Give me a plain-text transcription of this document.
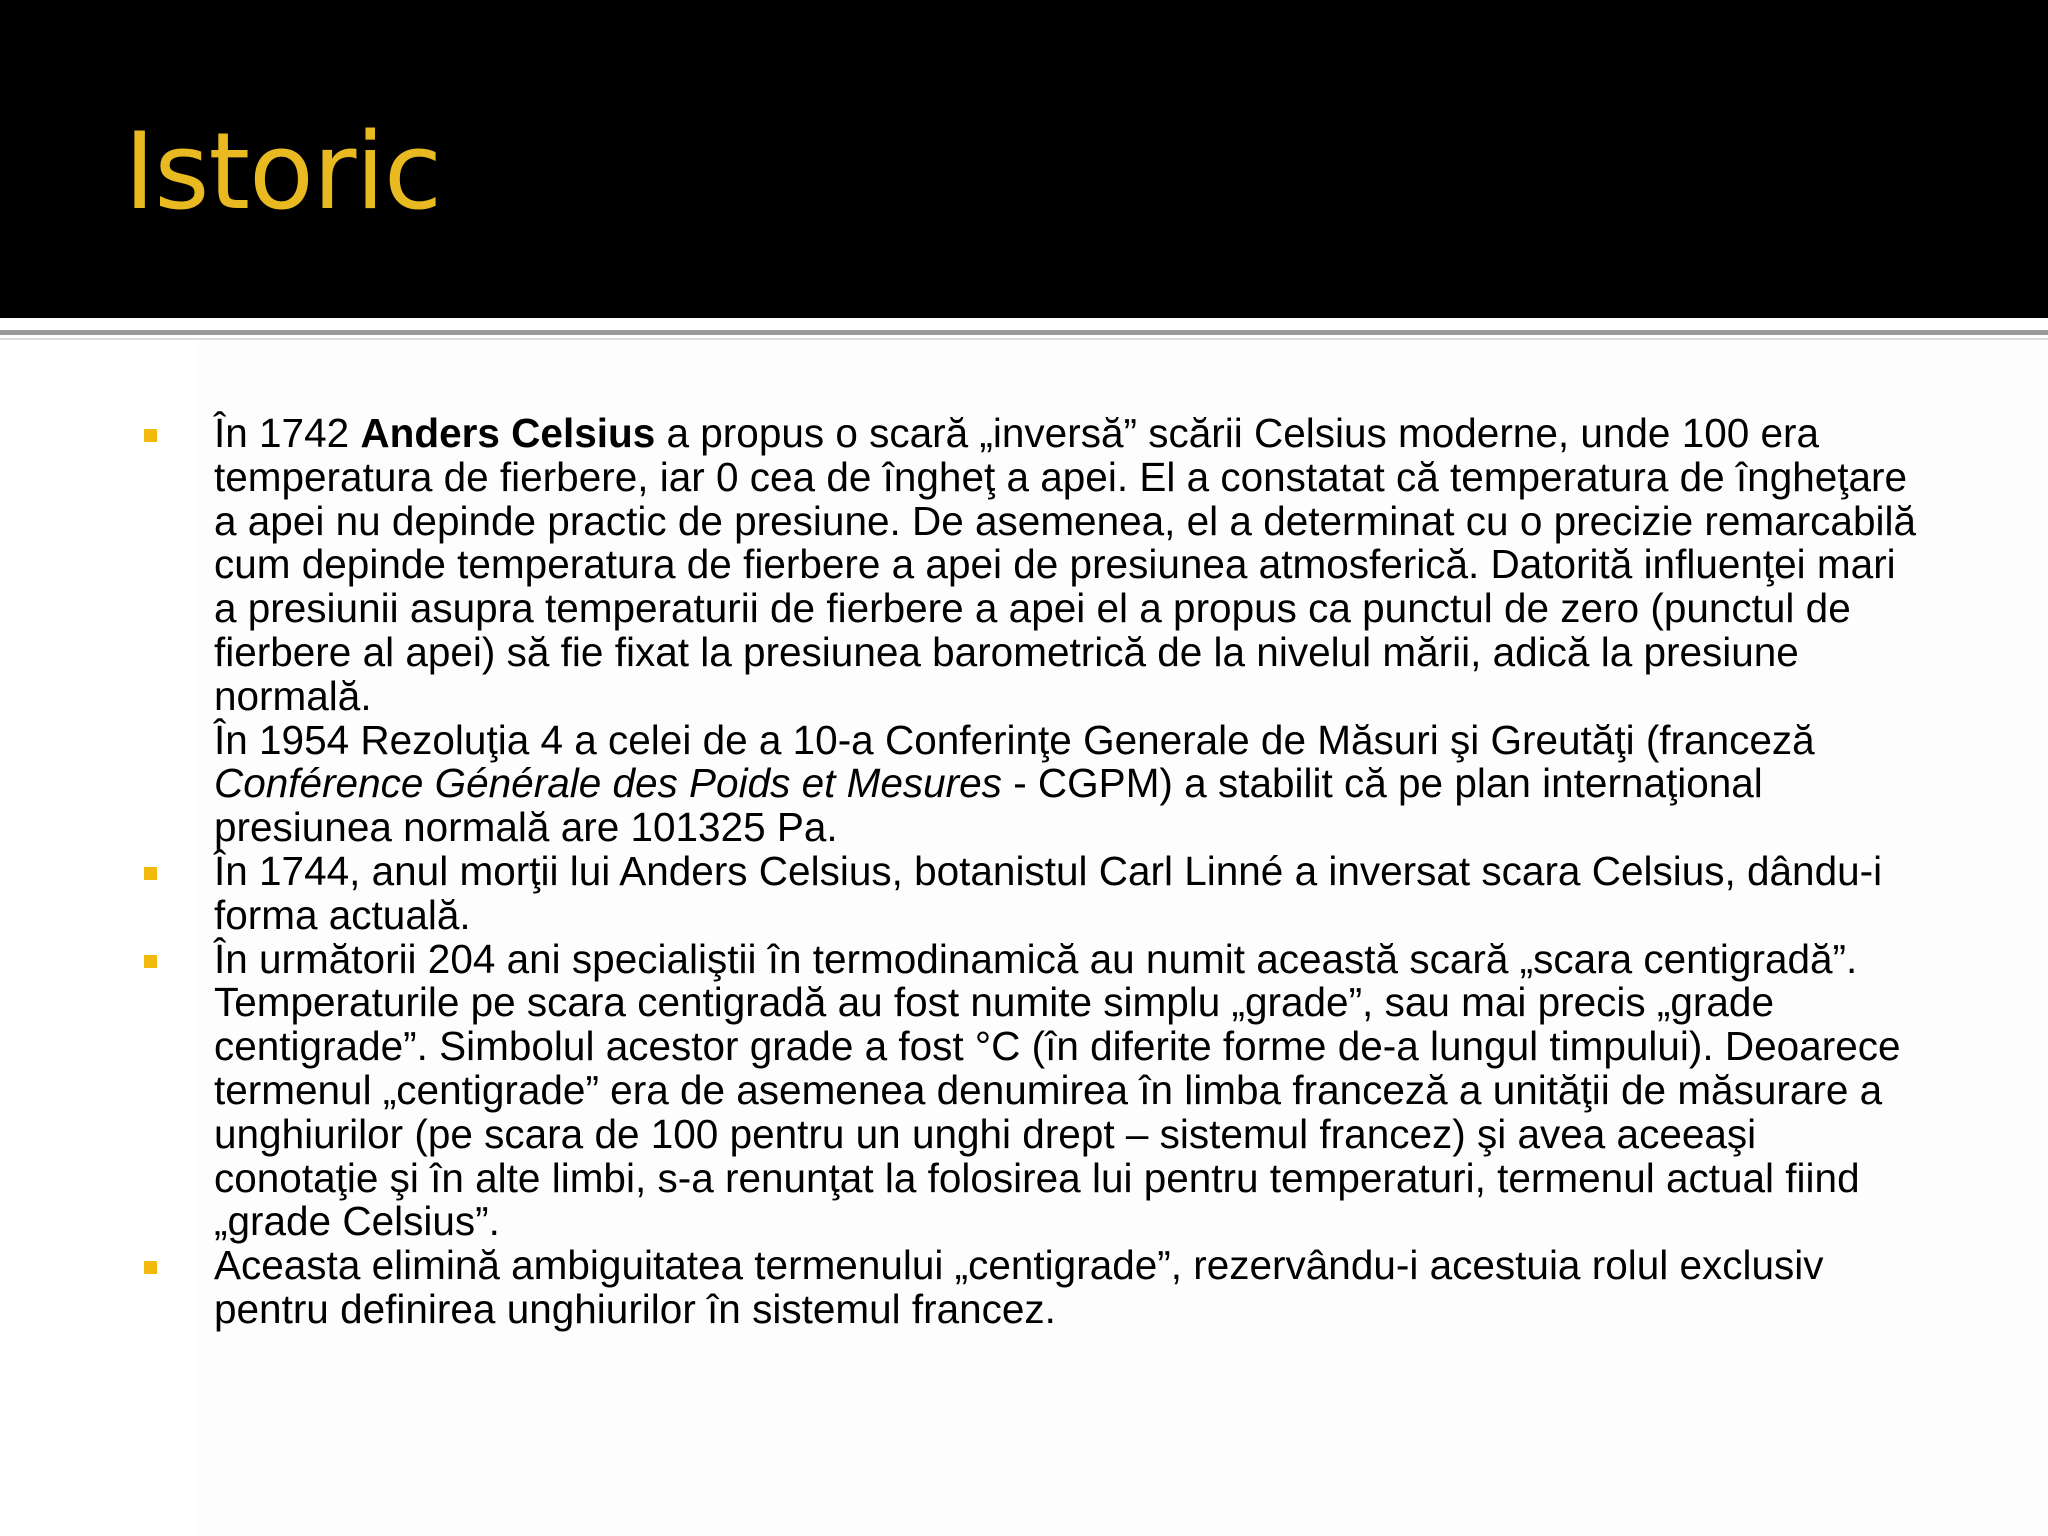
Istoric
În 1742 Anders Celsius a propus o scară „inversă” scării Celsius moderne, unde 100 era temperatura de fierbere, iar 0 cea de îngheţ a apei. El a constatat că temperatura de îngheţare a apei nu depinde practic de presiune. De asemenea, el a determinat cu o precizie remarcabilă cum depinde temperatura de fierbere a apei de presiunea atmosferică. Datorită influenţei mari a presiunii asupra temperaturii de fierbere a apei el a propus ca punctul de zero (punctul de fierbere al apei) să fie fixat la presiunea barometrică de la nivelul mării, adică la presiune normală.
În 1954 Rezoluţia 4 a celei de a 10-a Conferinţe Generale de Măsuri şi Greutăţi (franceză Conférence Générale des Poids et Mesures - CGPM) a stabilit că pe plan internaţional presiunea normală are 101325 Pa.
În 1744, anul morţii lui Anders Celsius, botanistul Carl Linné a inversat scara Celsius, dându-i forma actuală.
În următorii 204 ani specialiştii în termodinamică au numit această scară „scara centigradă”. Temperaturile pe scara centigradă au fost numite simplu „grade”, sau mai precis „grade centigrade”. Simbolul acestor grade a fost °C (în diferite forme de-a lungul timpului). Deoarece termenul „centigrade” era de asemenea denumirea în limba franceză a unităţii de măsurare a unghiurilor (pe scara de 100 pentru un unghi drept – sistemul francez) şi avea aceeaşi conotaţie şi în alte limbi, s-a renunţat la folosirea lui pentru temperaturi, termenul actual fiind „grade Celsius”.
Aceasta elimină ambiguitatea termenului „centigrade”, rezervându-i acestuia rolul exclusiv pentru definirea unghiurilor în sistemul francez.
